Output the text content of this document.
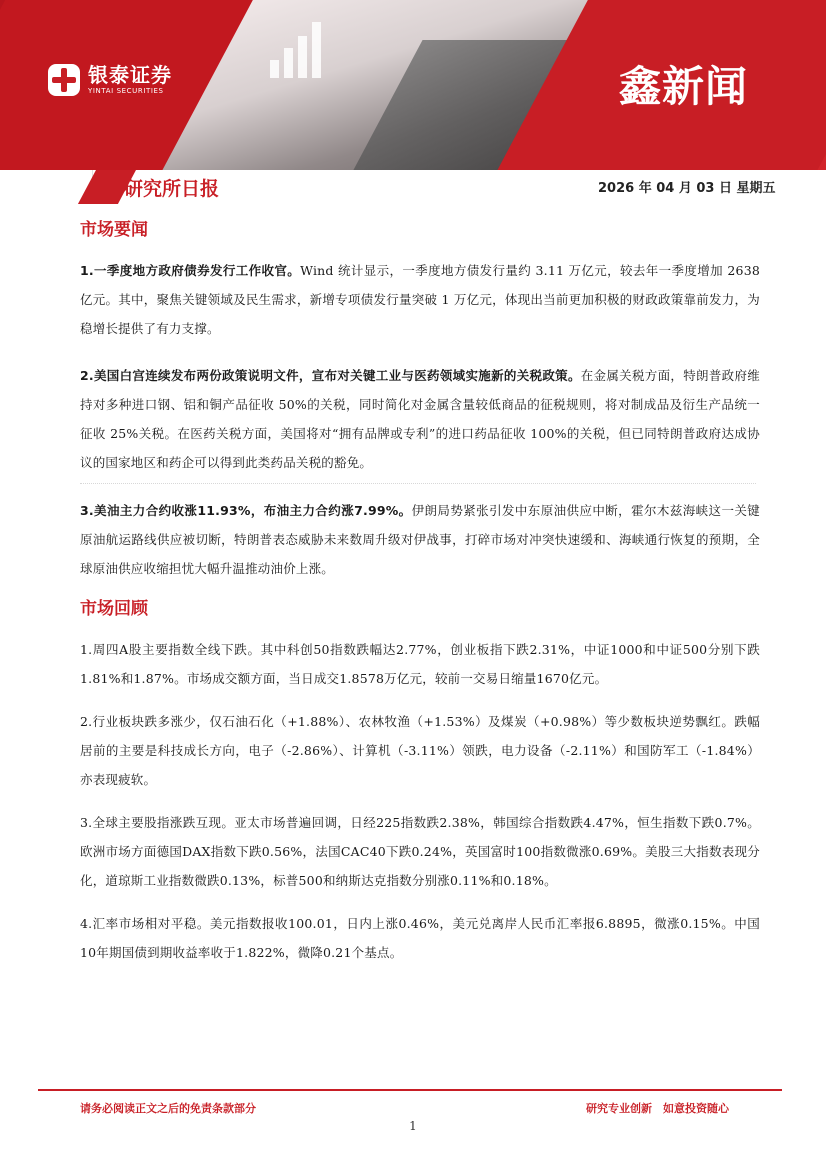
银泰证券
YINTAI SECURITIES	鑫新闻
研究所日报	2026 年 04 月 03 日 星期五
市场要闻

1.一季度地方政府债券发行工作收官。Wind 统计显示，一季度地方债发行量约 3.11 万亿元，较去年一季度增加 2638 亿元。其中，聚焦关键领域及民生需求，新增专项债发行量突破 1 万亿元，体现出当前更加积极的财政政策靠前发力，为稳增长提供了有力支撑。

2.美国白宫连续发布两份政策说明文件，宣布对关键工业与医药领域实施新的关税政策。在金属关税方面，特朗普政府维持对多种进口钢、铝和铜产品征收 50%的关税，同时简化对金属含量较低商品的征税规则，将对制成品及衍生产品统一征收 25%关税。在医药关税方面，美国将对“拥有品牌或专利”的进口药品征收 100%的关税，但已同特朗普政府达成协议的国家地区和药企可以得到此类药品关税的豁免。

3.美油主力合约收涨11.93%，布油主力合约涨7.99%。伊朗局势紧张引发中东原油供应中断，霍尔木兹海峡这一关键原油航运路线供应被切断，特朗普表态威胁未来数周升级对伊战事，打碎市场对冲突快速缓和、海峡通行恢复的预期，全球原油供应收缩担忧大幅升温推动油价上涨。

市场回顾

1.周四A股主要指数全线下跌。其中科创50指数跌幅达2.77%，创业板指下跌2.31%，中证1000和中证500分别下跌1.81%和1.87%。市场成交额方面，当日成交1.8578万亿元，较前一交易日缩量1670亿元。

2.行业板块跌多涨少，仅石油石化（+1.88%）、农林牧渔（+1.53%）及煤炭（+0.98%）等少数板块逆势飘红。跌幅居前的主要是科技成长方向，电子（-2.86%）、计算机（-3.11%）领跌，电力设备（-2.11%）和国防军工（-1.84%）亦表现疲软。

3.全球主要股指涨跌互现。亚太市场普遍回调，日经225指数跌2.38%，韩国综合指数跌4.47%，恒生指数下跌0.7%。欧洲市场方面德国DAX指数下跌0.56%，法国CAC40下跌0.24%，英国富时100指数微涨0.69%。美股三大指数表现分化，道琼斯工业指数微跌0.13%，标普500和纳斯达克指数分别涨0.11%和0.18%。

4.汇率市场相对平稳。美元指数报收100.01，日内上涨0.46%，美元兑离岸人民币汇率报6.8895，微涨0.15%。中国10年期国债到期收益率收于1.822%，微降0.21个基点。

请务必阅读正文之后的免责条款部分	研究专业创新　如意投资随心
1
